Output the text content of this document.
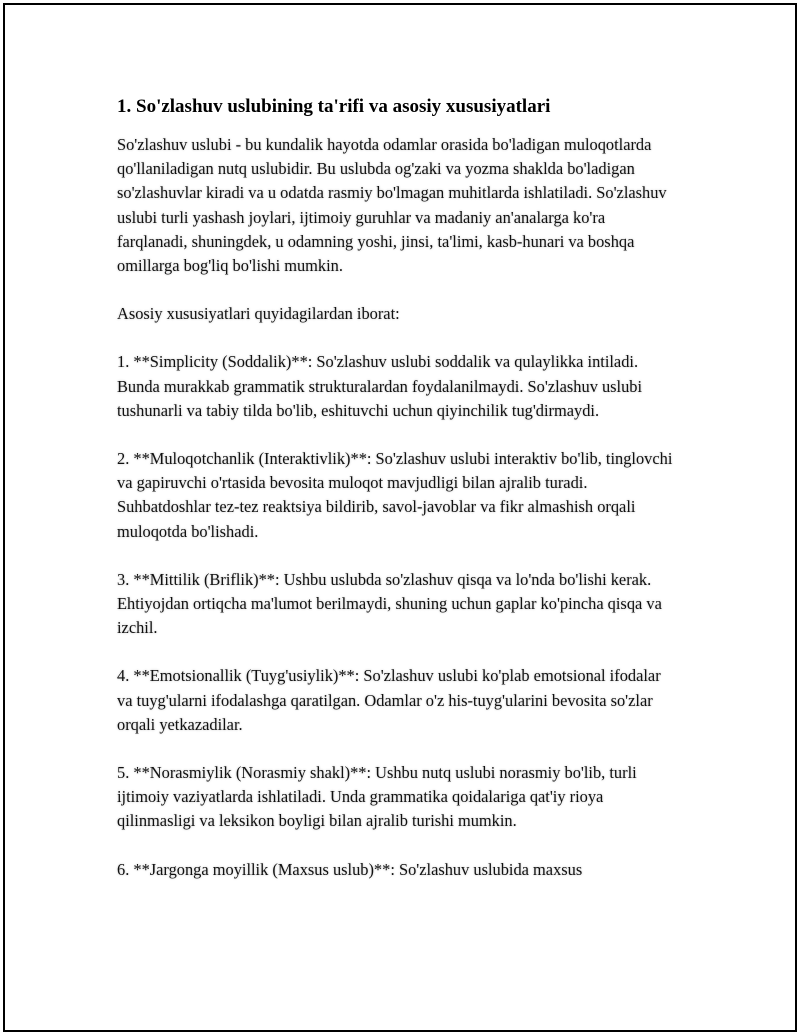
1. So'zlashuv uslubining ta'rifi va asosiy xususiyatlari

So'zlashuv uslubi - bu kundalik hayotda odamlar orasida bo'ladigan muloqotlarda qo'llaniladigan nutq uslubidir. Bu uslubda og'zaki va yozma shaklda bo'ladigan so'zlashuvlar kiradi va u odatda rasmiy bo'lmagan muhitlarda ishlatiladi. So'zlashuv uslubi turli yashash joylari, ijtimoiy guruhlar va madaniy an'analarga ko'ra farqlanadi, shuningdek, u odamning yoshi, jinsi, ta'limi, kasb-hunari va boshqa omillarga bog'liq bo'lishi mumkin.

Asosiy xususiyatlari quyidagilardan iborat:

1. **Simplicity (Soddalik)**: So'zlashuv uslubi soddalik va qulaylikka intiladi. Bunda murakkab grammatik strukturalardan foydalanilmaydi. So'zlashuv uslubi tushunarli va tabiy tilda bo'lib, eshituvchi uchun qiyinchilik tug'dirmaydi.

2. **Muloqotchanlik (Interaktivlik)**: So'zlashuv uslubi interaktiv bo'lib, tinglovchi va gapiruvchi o'rtasida bevosita muloqot mavjudligi bilan ajralib turadi. Suhbatdoshlar tez-tez reaktsiya bildirib, savol-javoblar va fikr almashish orqali muloqotda bo'lishadi.

3. **Mittilik (Briflik)**: Ushbu uslubda so'zlashuv qisqa va lo'nda bo'lishi kerak. Ehtiyojdan ortiqcha ma'lumot berilmaydi, shuning uchun gaplar ko'pincha qisqa va izchil.

4. **Emotsionallik (Tuyg'usiylik)**: So'zlashuv uslubi ko'plab emotsional ifodalar va tuyg'ularni ifodalashga qaratilgan. Odamlar o'z his-tuyg'ularini bevosita so'zlar orqali yetkazadilar.

5. **Norasmiylik (Norasmiy shakl)**: Ushbu nutq uslubi norasmiy bo'lib, turli ijtimoiy vaziyatlarda ishlatiladi. Unda grammatika qoidalariga qat'iy rioya qilinmasligi va leksikon boyligi bilan ajralib turishi mumkin.

6. **Jargonga moyillik (Maxsus uslub)**: So'zlashuv uslubida maxsus
